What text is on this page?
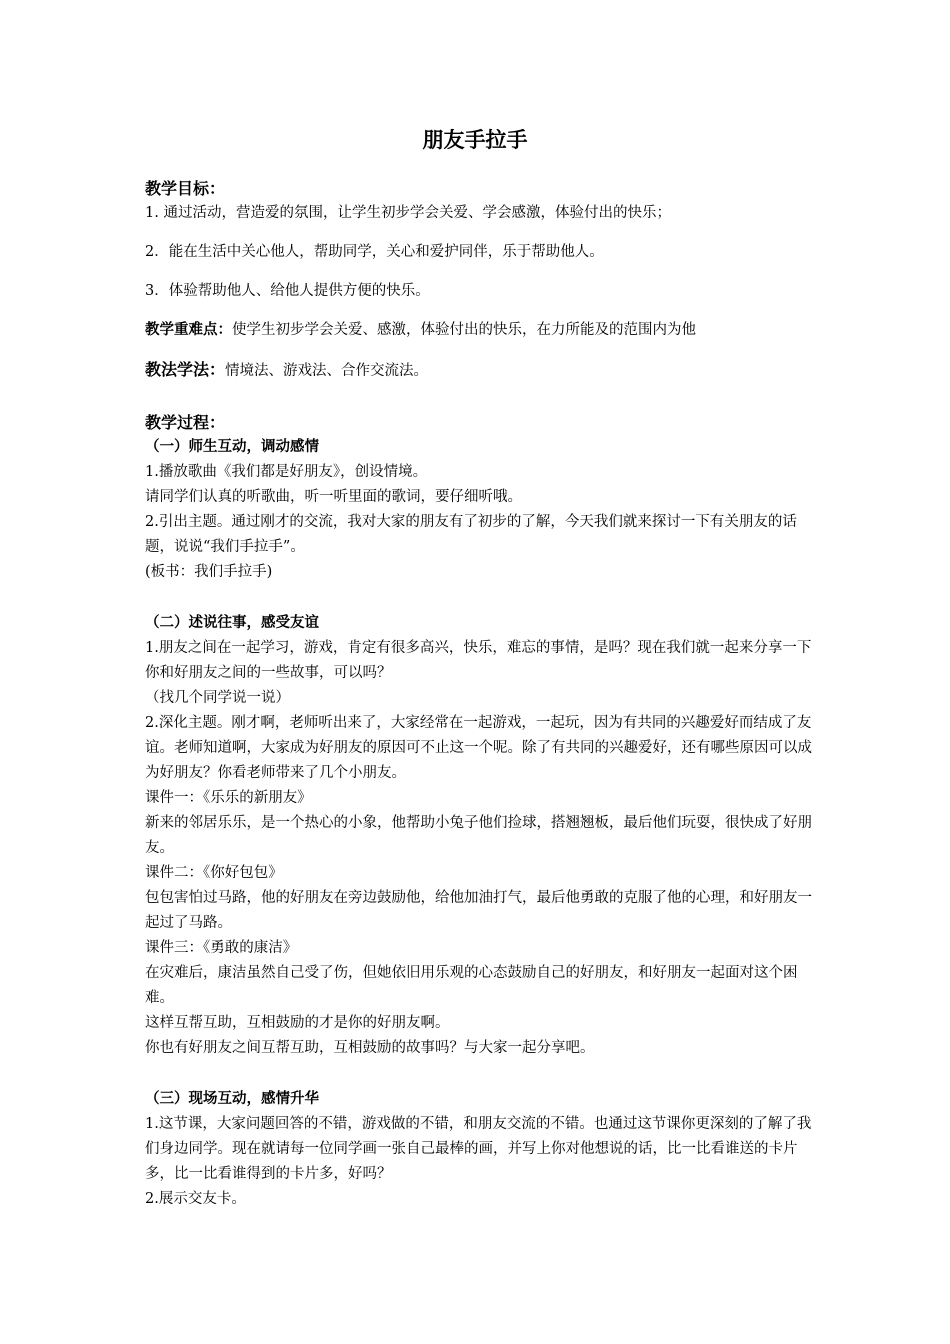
朋友手拉手

教学目标：

1. 通过活动，营造爱的氛围，让学生初步学会关爱、学会感激，体验付出的快乐；

2．能在生活中关心他人，帮助同学，关心和爱护同伴，乐于帮助他人。

3．体验帮助他人、给他人提供方便的快乐。

教学重难点：使学生初步学会关爱、感激，体验付出的快乐，在力所能及的范围内为他

教法学法：情境法、游戏法、合作交流法。

教学过程：

（一）师生互动，调动感情

1.播放歌曲《我们都是好朋友》，创设情境。

请同学们认真的听歌曲，听一听里面的歌词，要仔细听哦。

2.引出主题。通过刚才的交流，我对大家的朋友有了初步的了解，今天我们就来探讨一下有关朋友的话题，说说“我们手拉手”。

(板书：我们手拉手)

（二）述说往事，感受友谊

1.朋友之间在一起学习，游戏，肯定有很多高兴，快乐，难忘的事情，是吗？现在我们就一起来分享一下你和好朋友之间的一些故事，可以吗？

（找几个同学说一说）

2.深化主题。刚才啊，老师听出来了，大家经常在一起游戏，一起玩，因为有共同的兴趣爱好而结成了友谊。老师知道啊，大家成为好朋友的原因可不止这一个呢。除了有共同的兴趣爱好，还有哪些原因可以成为好朋友？你看老师带来了几个小朋友。

课件一：《乐乐的新朋友》

新来的邻居乐乐，是一个热心的小象，他帮助小兔子他们捡球，搭翘翘板，最后他们玩耍，很快成了好朋友。

课件二：《你好包包》

包包害怕过马路，他的好朋友在旁边鼓励他，给他加油打气，最后他勇敢的克服了他的心理，和好朋友一起过了马路。

课件三：《勇敢的康洁》

在灾难后，康洁虽然自己受了伤，但她依旧用乐观的心态鼓励自己的好朋友，和好朋友一起面对这个困难。

这样互帮互助，互相鼓励的才是你的好朋友啊。

你也有好朋友之间互帮互助，互相鼓励的故事吗？与大家一起分享吧。

（三）现场互动，感情升华

1.这节课，大家问题回答的不错，游戏做的不错，和朋友交流的不错。也通过这节课你更深刻的了解了我们身边同学。现在就请每一位同学画一张自己最棒的画，并写上你对他想说的话，比一比看谁送的卡片多，比一比看谁得到的卡片多，好吗？

2.展示交友卡。
